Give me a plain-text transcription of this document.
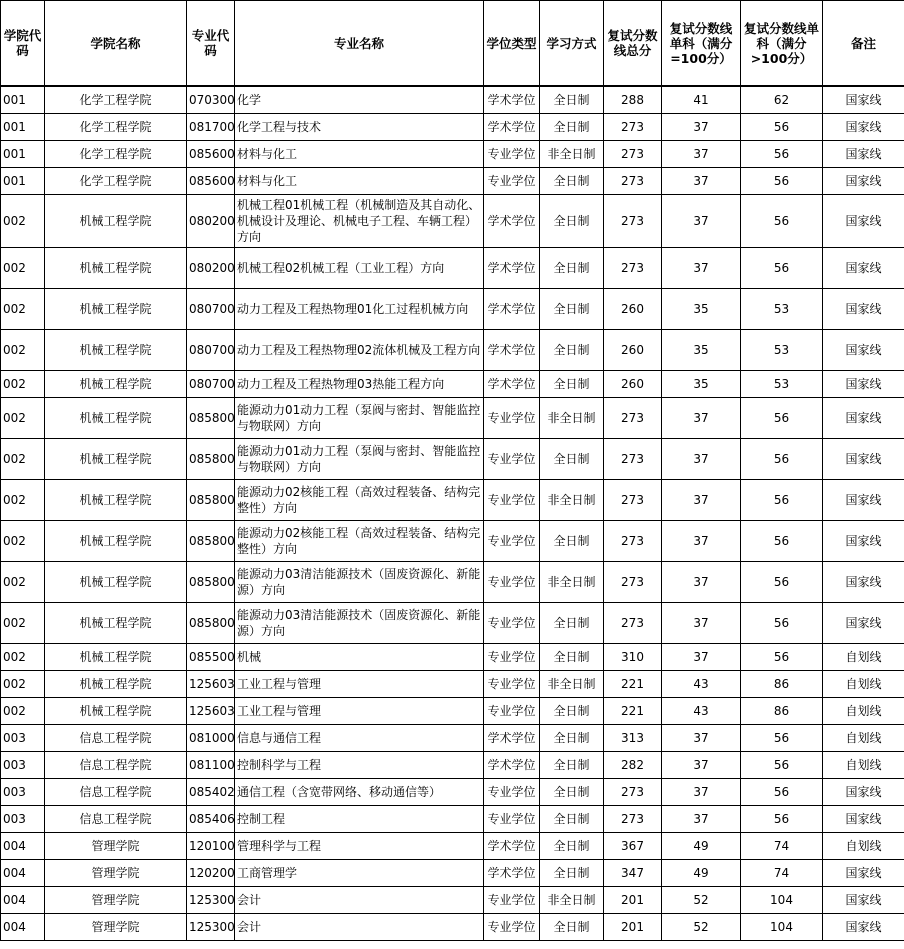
学院代码	学院名称	专业代码	专业名称	学位类型	学习方式	复试分数线总分	复试分数线单科（满分=100分）	复试分数线单科（满分>100分）	备注

001	化学工程学院	070300	化学	学术学位	全日制	288	41	62	国家线
001	化学工程学院	081700	化学工程与技术	学术学位	全日制	273	37	56	国家线
001	化学工程学院	085600	材料与化工	专业学位	非全日制	273	37	56	国家线
001	化学工程学院	085600	材料与化工	专业学位	全日制	273	37	56	国家线
002	机械工程学院	080200	机械工程01机械工程（机械制造及其自动化、机械设计及理论、机械电子工程、车辆工程）方向	学术学位	全日制	273	37	56	国家线
002	机械工程学院	080200	机械工程02机械工程（工业工程）方向	学术学位	全日制	273	37	56	国家线
002	机械工程学院	080700	动力工程及工程热物理01化工过程机械方向	学术学位	全日制	260	35	53	国家线
002	机械工程学院	080700	动力工程及工程热物理02流体机械及工程方向	学术学位	全日制	260	35	53	国家线
002	机械工程学院	080700	动力工程及工程热物理03热能工程方向	学术学位	全日制	260	35	53	国家线
002	机械工程学院	085800	能源动力01动力工程（泵阀与密封、智能监控与物联网）方向	专业学位	非全日制	273	37	56	国家线
002	机械工程学院	085800	能源动力01动力工程（泵阀与密封、智能监控与物联网）方向	专业学位	全日制	273	37	56	国家线
002	机械工程学院	085800	能源动力02核能工程（高效过程装备、结构完整性）方向	专业学位	非全日制	273	37	56	国家线
002	机械工程学院	085800	能源动力02核能工程（高效过程装备、结构完整性）方向	专业学位	全日制	273	37	56	国家线
002	机械工程学院	085800	能源动力03清洁能源技术（固废资源化、新能源）方向	专业学位	非全日制	273	37	56	国家线
002	机械工程学院	085800	能源动力03清洁能源技术（固废资源化、新能源）方向	专业学位	全日制	273	37	56	国家线
002	机械工程学院	085500	机械	专业学位	全日制	310	37	56	自划线
002	机械工程学院	125603	工业工程与管理	专业学位	非全日制	221	43	86	自划线
002	机械工程学院	125603	工业工程与管理	专业学位	全日制	221	43	86	自划线
003	信息工程学院	081000	信息与通信工程	学术学位	全日制	313	37	56	自划线
003	信息工程学院	081100	控制科学与工程	学术学位	全日制	282	37	56	自划线
003	信息工程学院	085402	通信工程（含宽带网络、移动通信等）	专业学位	全日制	273	37	56	国家线
003	信息工程学院	085406	控制工程	专业学位	全日制	273	37	56	国家线
004	管理学院	120100	管理科学与工程	学术学位	全日制	367	49	74	自划线
004	管理学院	120200	工商管理学	学术学位	全日制	347	49	74	国家线
004	管理学院	125300	会计	专业学位	非全日制	201	52	104	国家线
004	管理学院	125300	会计	专业学位	全日制	201	52	104	国家线
